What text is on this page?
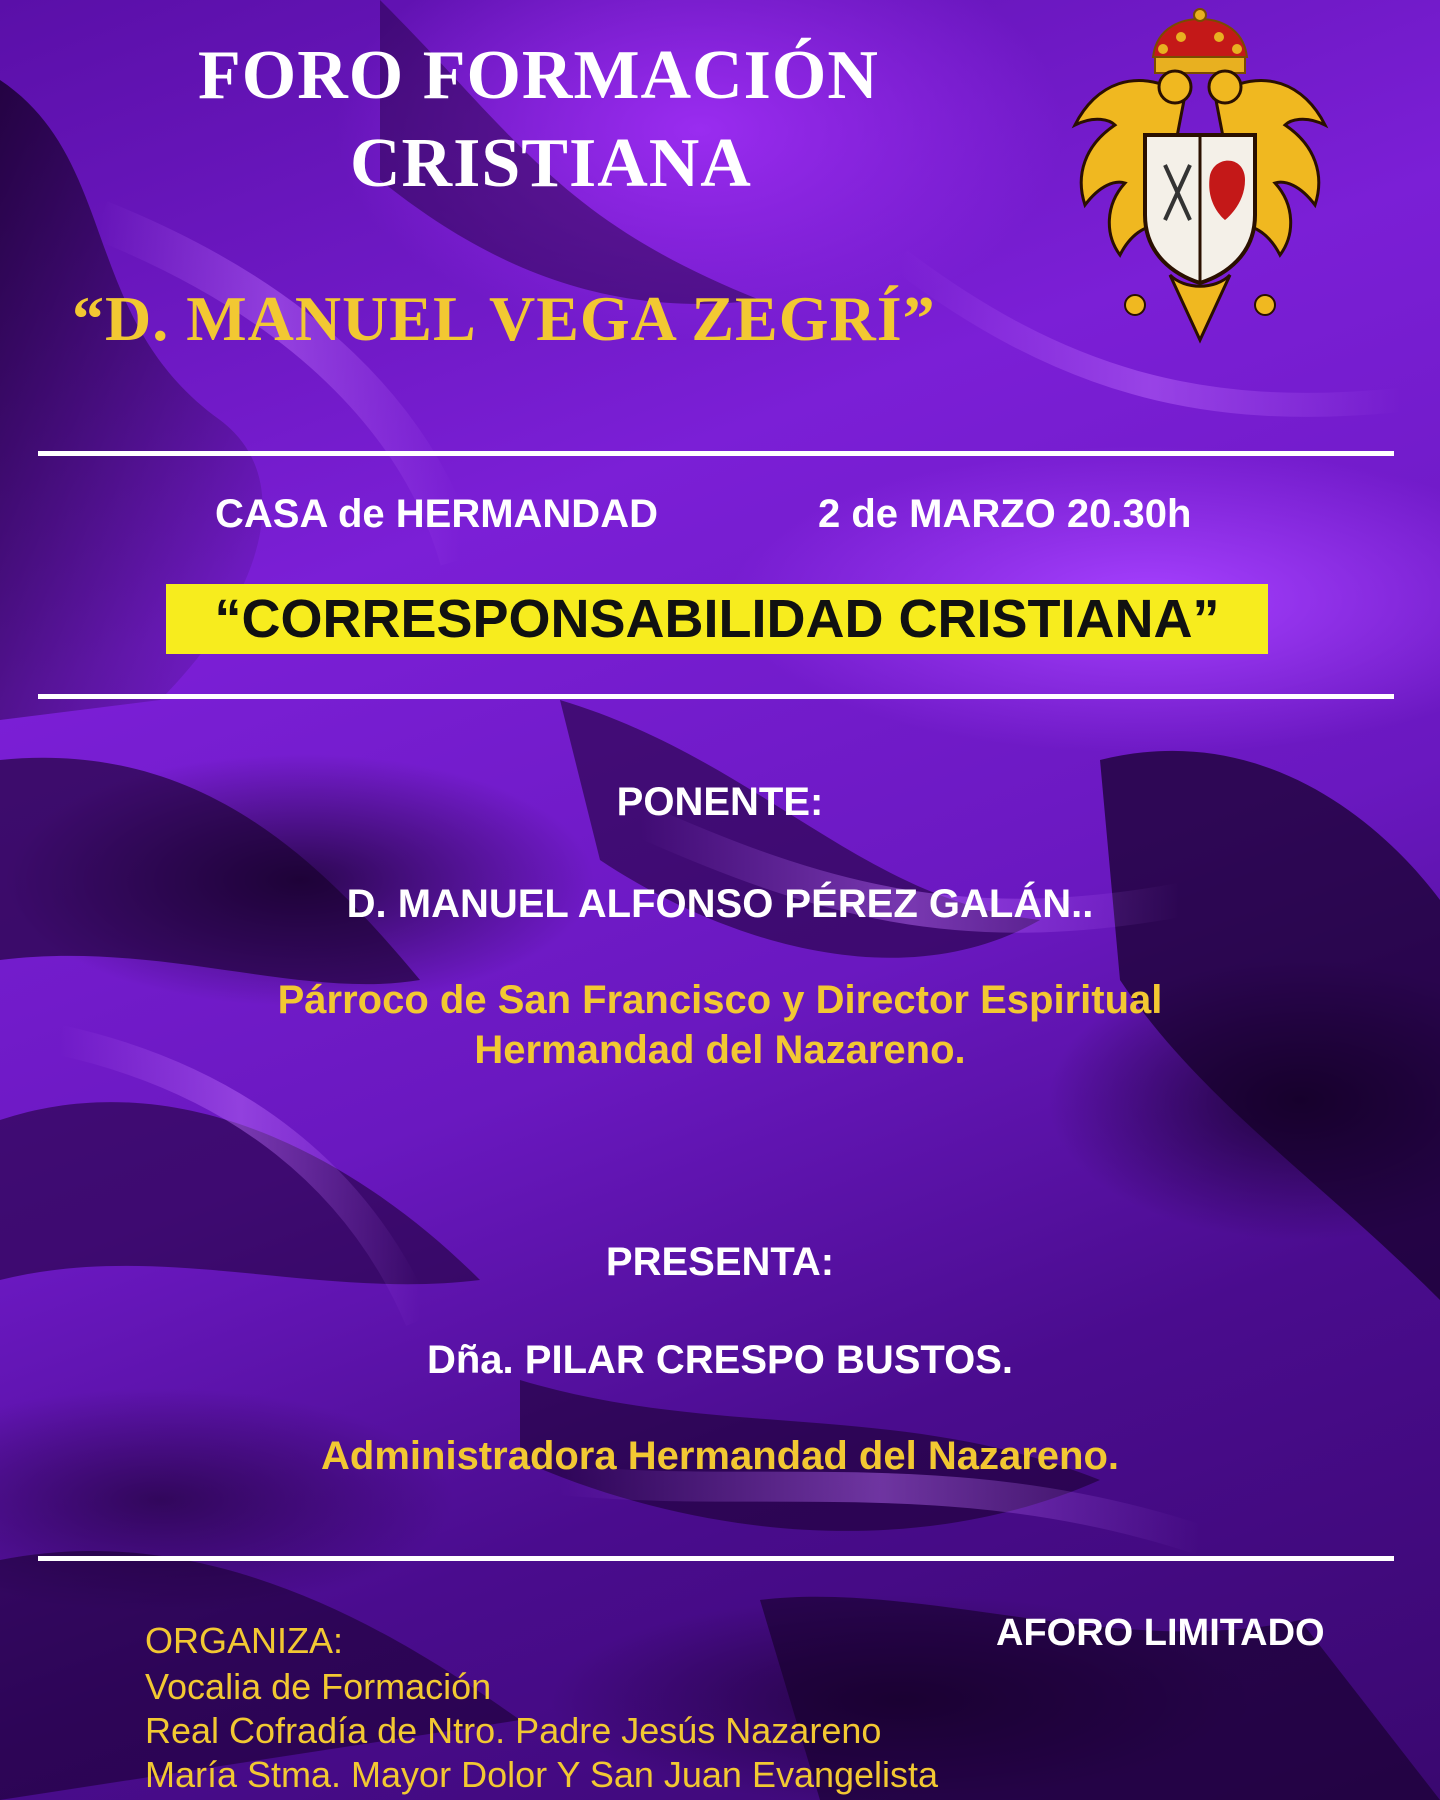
FORO FORMACIÓN
CRISTIANA
“D. MANUEL VEGA ZEGRÍ”

CASA de HERMANDAD	2 de MARZO 20.30h

“CORRESPONSABILIDAD CRISTIANA”

PONENTE:

D. MANUEL ALFONSO PÉREZ GALÁN..

Párroco de San Francisco y Director Espiritual

Hermandad del Nazareno.

PRESENTA:

Dña. PILAR CRESPO BUSTOS.

Administradora Hermandad del Nazareno.

ORGANIZA:

Vocalia de Formación

Real Cofradía de Ntro. Padre Jesús Nazareno

María Stma. Mayor Dolor Y San Juan Evangelista

AFORO LIMITADO
